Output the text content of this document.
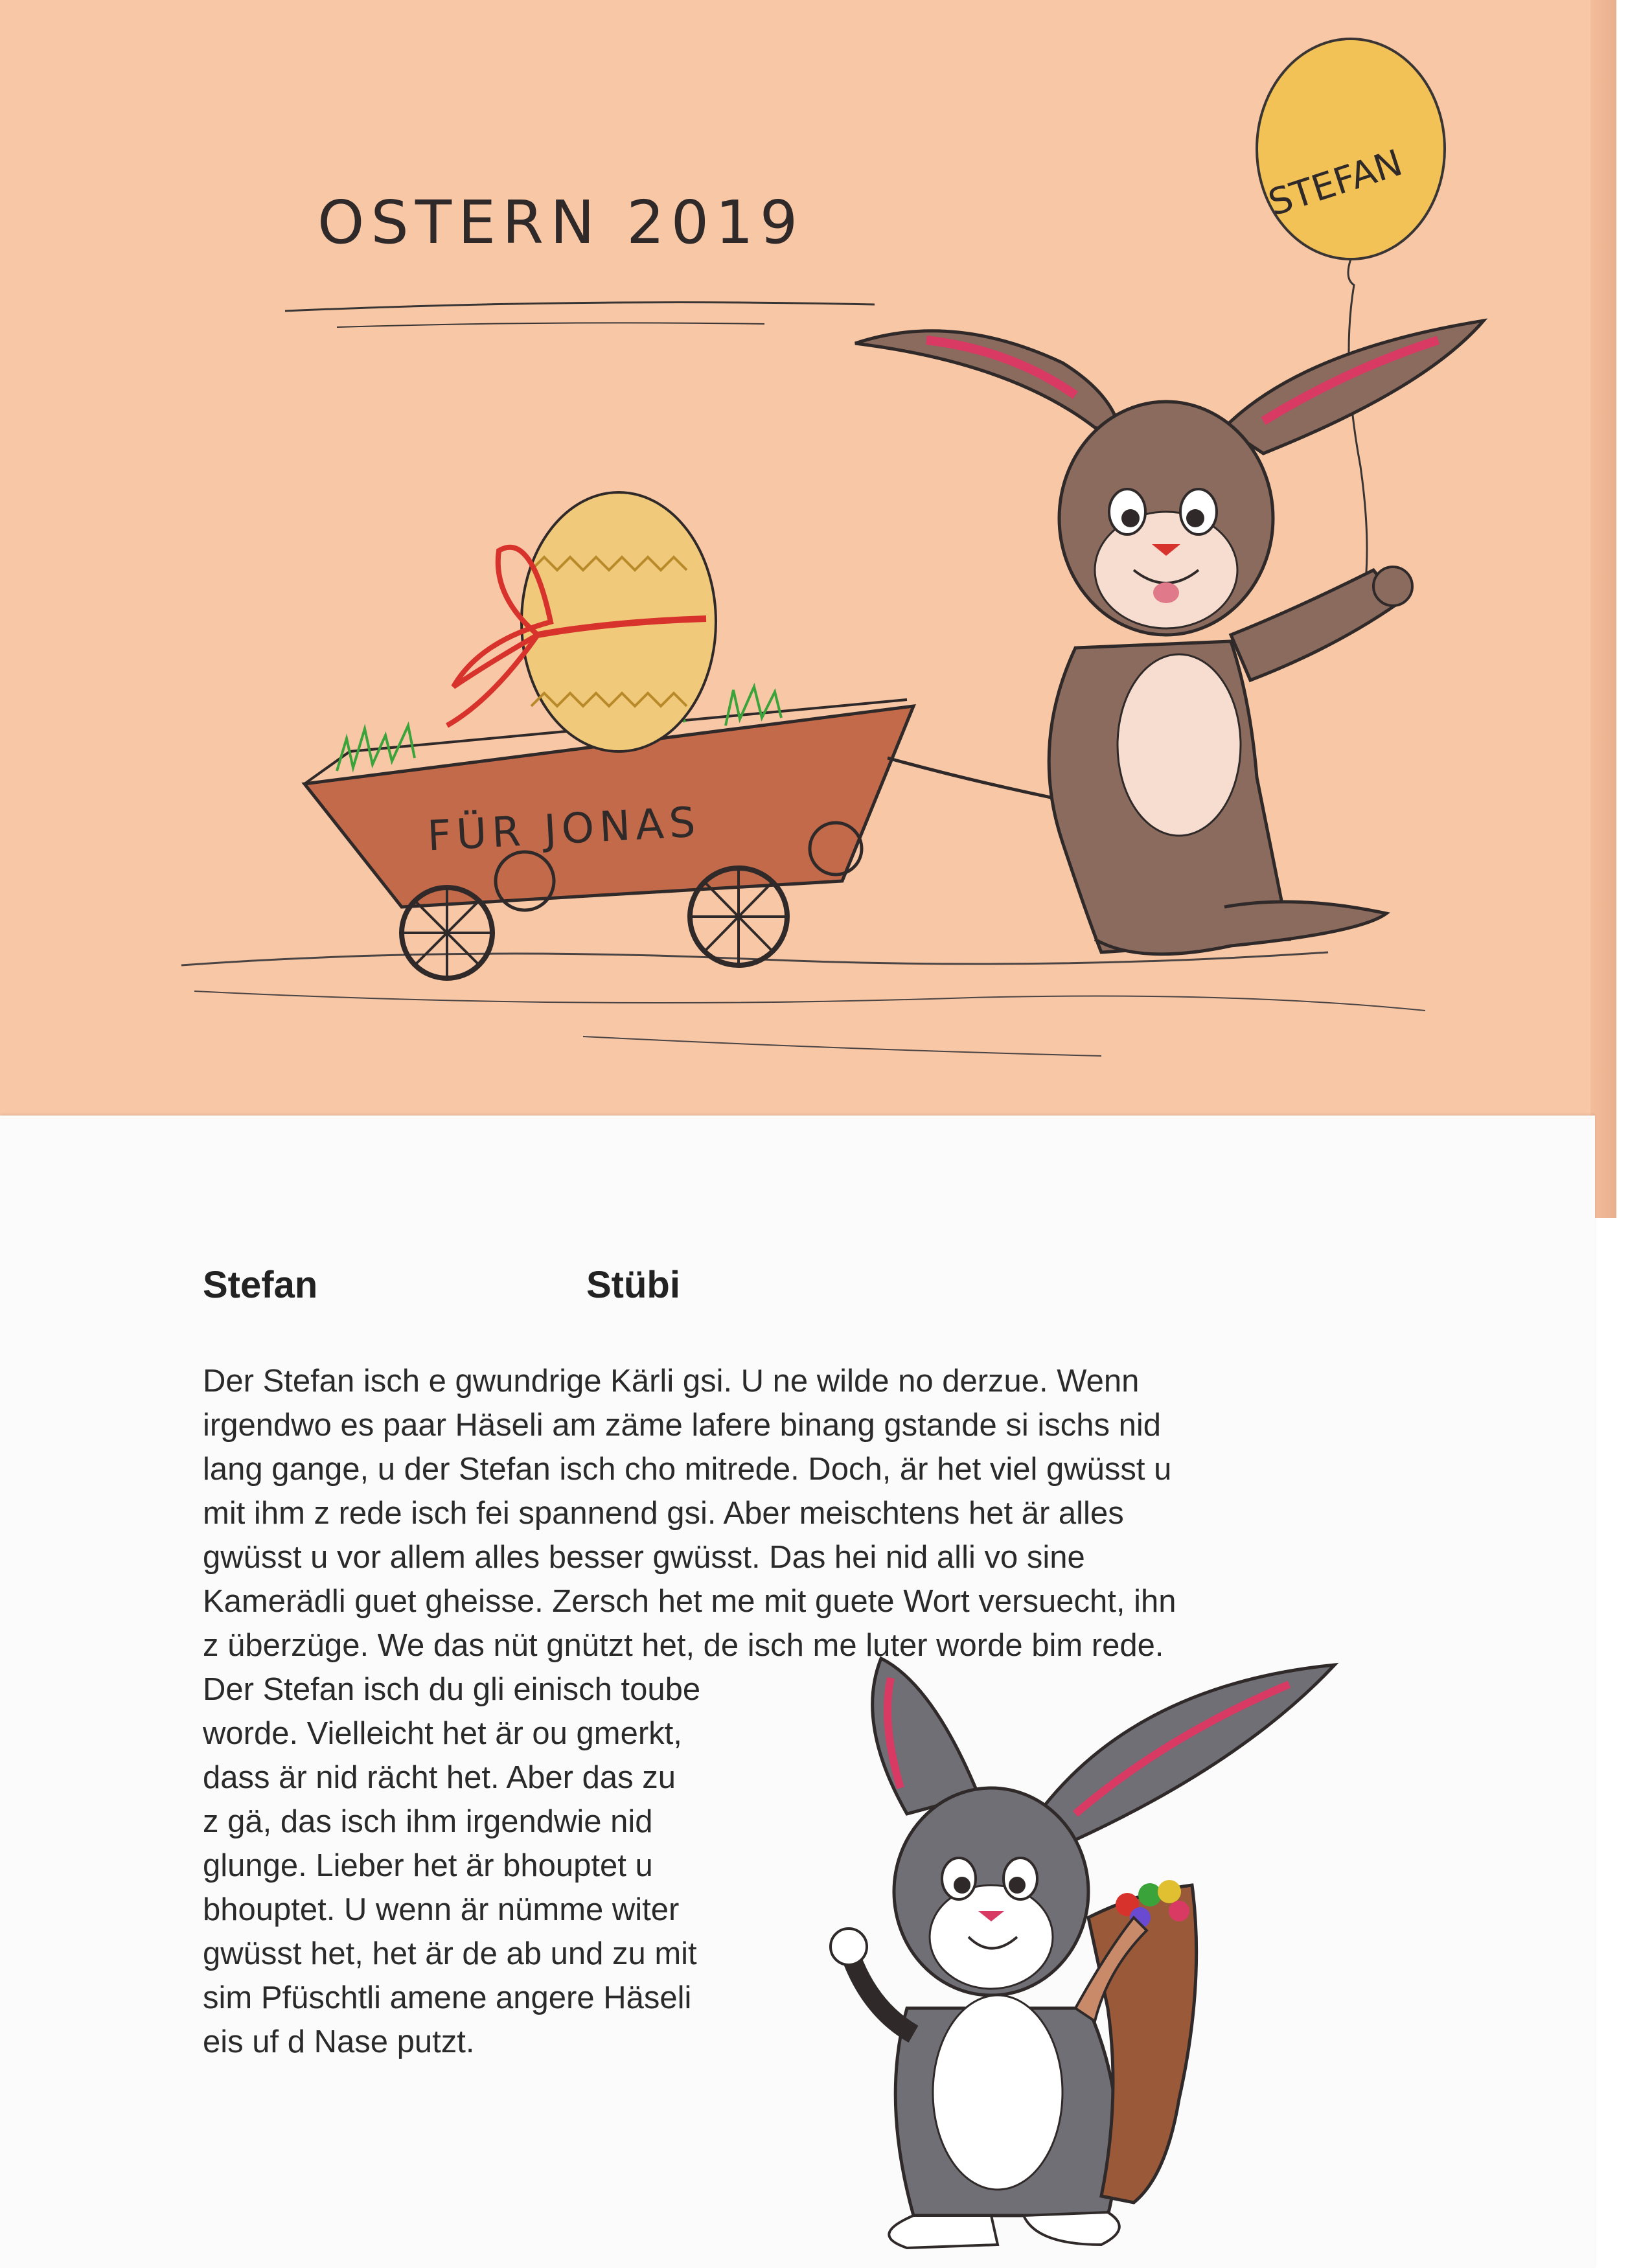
OSTERN 2019	STEFAN
FÜR JONAS
Stefan	Stübi
Der Stefan isch e gwundrige Kärli gsi. U ne wilde no derzue. Wenn
irgendwo es paar Häseli am zäme lafere binang gstande si ischs nid
lang gange, u der Stefan isch cho mitrede. Doch, är het viel gwüsst u
mit ihm z rede isch fei spannend gsi. Aber meischtens het är alles
gwüsst u vor allem alles besser gwüsst. Das hei nid alli vo sine
Kamerädli guet gheisse. Zersch het me mit guete Wort versuecht, ihn
z überzüge. We das nüt gnützt het, de isch me luter worde bim rede.
Der Stefan isch du gli einisch toube
worde. Vielleicht het är ou gmerkt,
dass är nid rächt het. Aber das zu
z gä, das isch ihm irgendwie nid
glunge. Lieber het är bhouptet u
bhouptet. U wenn är nümme witer
gwüsst het, het är de ab und zu mit
sim Pfüschtli amene angere Häseli
eis uf d Nase putzt.
